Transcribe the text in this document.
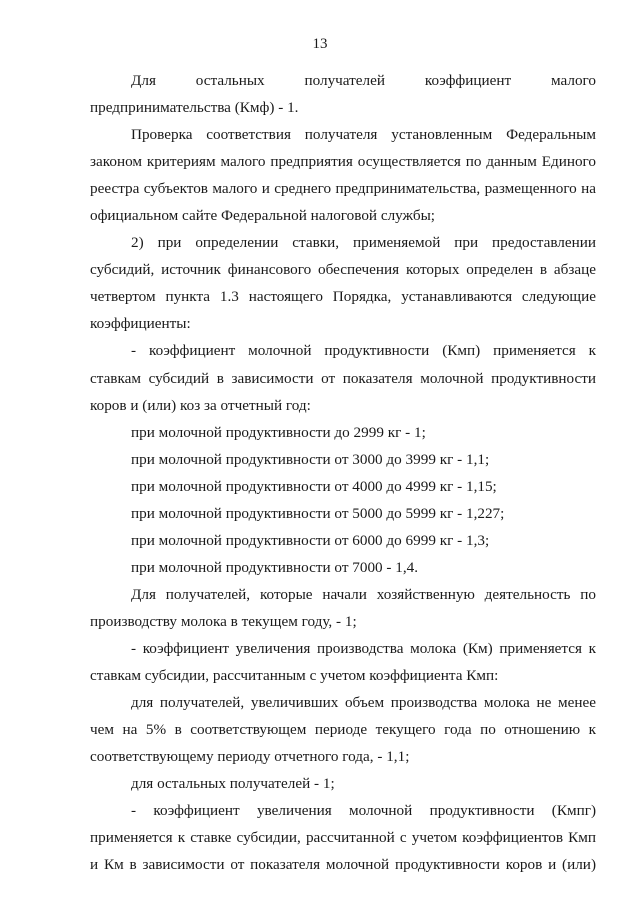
13

Для остальных получателей коэффициент малого предпринимательства (Кмф) - 1.

Проверка соответствия получателя установленным Федеральным законом критериям малого предприятия осуществляется по данным Единого реестра субъектов малого и среднего предпринимательства, размещенного на официальном сайте Федеральной налоговой службы;

2) при определении ставки, применяемой при предоставлении субсидий, источник финансового обеспечения которых определен в абзаце четвертом пункта 1.3 настоящего Порядка, устанавливаются следующие коэффициенты:

- коэффициент молочной продуктивности (Кмп) применяется к ставкам субсидий в зависимости от показателя молочной продуктивности коров и (или) коз за отчетный год:

при молочной продуктивности до 2999 кг - 1;

при молочной продуктивности от 3000 до 3999 кг - 1,1;

при молочной продуктивности от 4000 до 4999 кг - 1,15;

при молочной продуктивности от 5000 до 5999 кг - 1,227;

при молочной продуктивности от 6000 до 6999 кг - 1,3;

при молочной продуктивности от 7000 - 1,4.

Для получателей, которые начали хозяйственную деятельность по производству молока в текущем году, - 1;

- коэффициент увеличения производства молока (Км) применяется к ставкам субсидии, рассчитанным с учетом коэффициента Кмп:

для получателей, увеличивших объем производства молока не менее чем на 5% в соответствующем периоде текущего года по отношению к соответствующему периоду отчетного года, - 1,1;

для остальных получателей - 1;

- коэффициент увеличения молочной продуктивности (Кмпг) применяется к ставке субсидии, рассчитанной с учетом коэффициентов Кмп и Км в зависимости от показателя молочной продуктивности коров и (или)
